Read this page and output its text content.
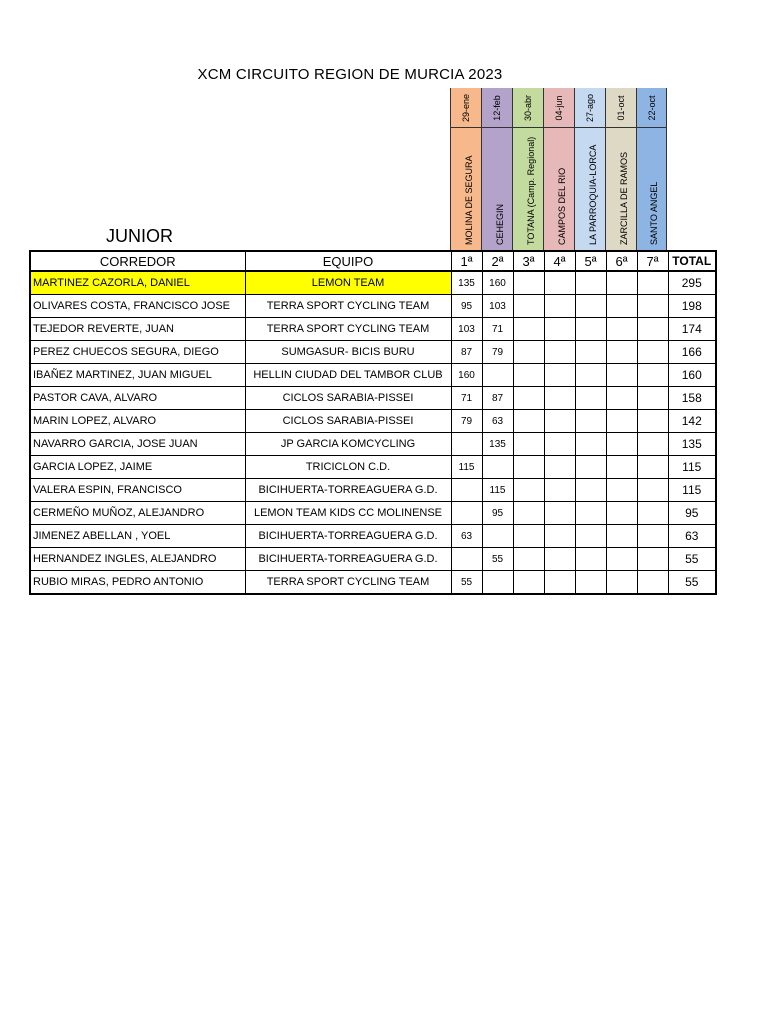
XCM CIRCUITO REGION DE MURCIA 2023
JUNIOR
29-ene
MOLINA DE SEGURA
12-feb
CEHEGIN
30-abr
TOTANA (Camp. Regional)
04-jun
CAMPOS DEL RIO
27-ago
LA PARROQUIA-LORCA
01-oct
ZARCILLA DE RAMOS
22-oct
SANTO ANGEL
CORREDOR	EQUIPO	1ª	2ª	3ª	4ª	5ª	6ª	7ª	TOTAL
MARTINEZ CAZORLA, DANIEL	LEMON TEAM	135	160						295
OLIVARES COSTA, FRANCISCO JOSE	TERRA SPORT CYCLING TEAM	95	103						198
TEJEDOR REVERTE, JUAN	TERRA SPORT CYCLING TEAM	103	71						174
PEREZ CHUECOS SEGURA, DIEGO	SUMGASUR- BICIS BURU	87	79						166
IBAÑEZ MARTINEZ, JUAN MIGUEL	HELLIN CIUDAD DEL TAMBOR CLUB	160							160
PASTOR CAVA, ALVARO	CICLOS SARABIA-PISSEI	71	87						158
MARIN LOPEZ, ALVARO	CICLOS SARABIA-PISSEI	79	63						142
NAVARRO GARCIA, JOSE JUAN	JP GARCIA KOMCYCLING		135						135
GARCIA LOPEZ, JAIME	TRICICLON C.D.	115							115
VALERA ESPIN, FRANCISCO	BICIHUERTA-TORREAGUERA G.D.		115						115
CERMEÑO MUÑOZ, ALEJANDRO	LEMON TEAM KIDS CC MOLINENSE		95						95
JIMENEZ ABELLAN , YOEL	BICIHUERTA-TORREAGUERA G.D.	63							63
HERNANDEZ INGLES, ALEJANDRO	BICIHUERTA-TORREAGUERA G.D.		55						55
RUBIO MIRAS, PEDRO ANTONIO	TERRA SPORT CYCLING TEAM	55							55
